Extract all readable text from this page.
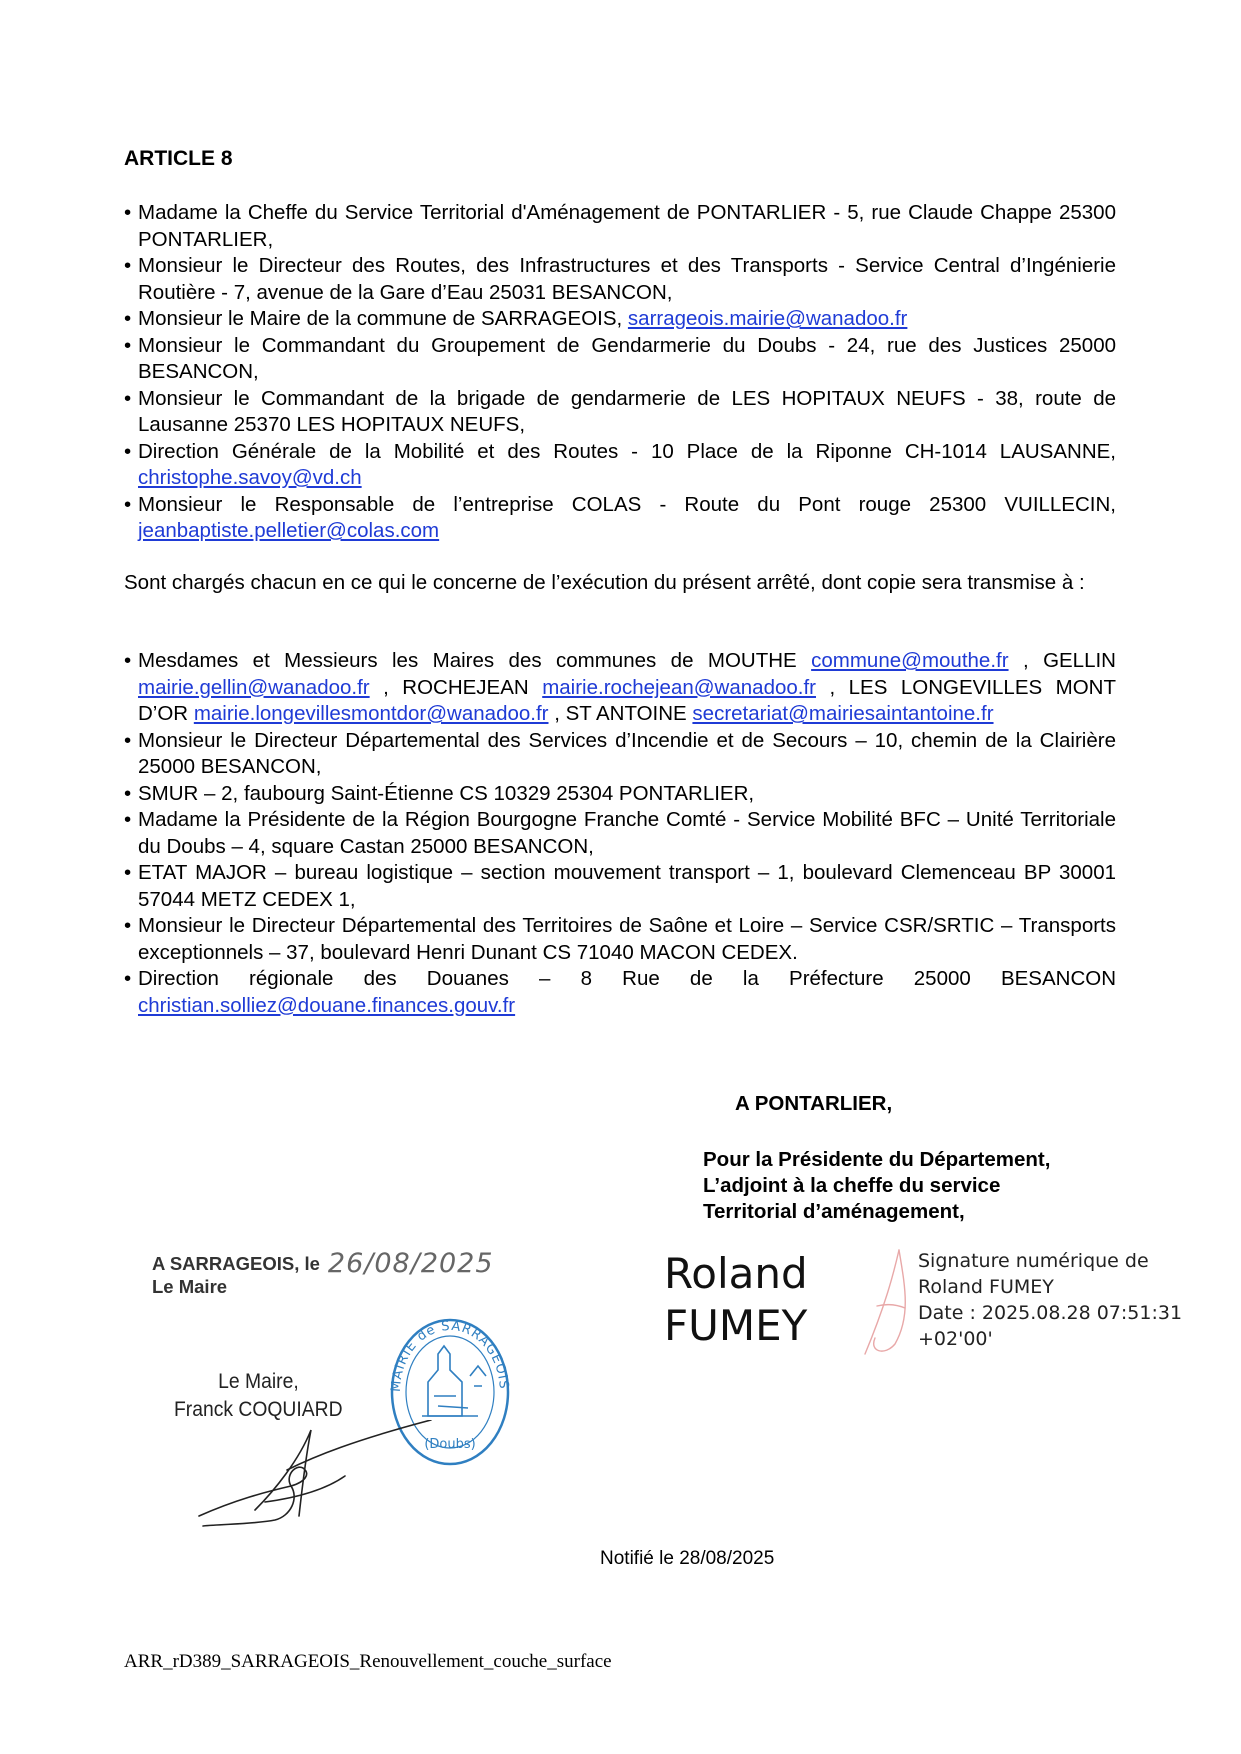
ARTICLE 8
• Madame la Cheffe du Service Territorial d'Aménagement de PONTARLIER - 5, rue Claude Chappe 25300 PONTARLIER,
• Monsieur le Directeur des Routes, des Infrastructures et des Transports - Service Central d’Ingénierie Routière - 7, avenue de la Gare d’Eau 25031 BESANCON,
• Monsieur le Maire de la commune de SARRAGEOIS, sarrageois.mairie@wanadoo.fr
• Monsieur le Commandant du Groupement de Gendarmerie du Doubs - 24, rue des Justices 25000 BESANCON,
• Monsieur le Commandant de la brigade de gendarmerie de LES HOPITAUX NEUFS - 38, route de Lausanne 25370 LES HOPITAUX NEUFS,
• Direction Générale de la Mobilité et des Routes - 10 Place de la Riponne CH-1014 LAUSANNE, christophe.savoy@vd.ch
• Monsieur le Responsable de l’entreprise COLAS - Route du Pont rouge 25300 VUILLECIN, jeanbaptiste.pelletier@colas.com

Sont chargés chacun en ce qui le concerne de l’exécution du présent arrêté, dont copie sera transmise à :

• Mesdames et Messieurs les Maires des communes de MOUTHE commune@mouthe.fr , GELLIN mairie.gellin@wanadoo.fr , ROCHEJEAN mairie.rochejean@wanadoo.fr , LES LONGEVILLES MONT D’OR mairie.longevillesmontdor@wanadoo.fr , ST ANTOINE secretariat@mairiesaintantoine.fr
• Monsieur le Directeur Départemental des Services d’Incendie et de Secours – 10, chemin de la Clairière 25000 BESANCON,
• SMUR – 2, faubourg Saint-Étienne CS 10329 25304 PONTARLIER,
• Madame la Présidente de la Région Bourgogne Franche Comté - Service Mobilité BFC – Unité Territoriale du Doubs – 4, square Castan 25000 BESANCON,
• ETAT MAJOR – bureau logistique – section mouvement transport – 1, boulevard Clemenceau BP 30001 57044 METZ CEDEX 1,
• Monsieur le Directeur Départemental des Territoires de Saône et Loire – Service CSR/SRTIC – Transports exceptionnels – 37, boulevard Henri Dunant CS 71040 MACON CEDEX.
• Direction régionale des Douanes – 8 Rue de la Préfecture 25000 BESANCON christian.solliez@douane.finances.gouv.fr
A PONTARLIER,
Pour la Présidente du Département,
L’adjoint à la cheffe du service
Territorial d’aménagement,
A SARRAGEOIS, le 26/08/2025
Le Maire
MAIRIE de SARRAGEOIS
(Doubs)
Le Maire,
Franck COQUIARD
Roland
FUMEY
Signature numérique de
Roland FUMEY
Date : 2025.08.28 07:51:31
+02'00'
Notifié le 28/08/2025
ARR_rD389_SARRAGEOIS_Renouvellement_couche_surface
